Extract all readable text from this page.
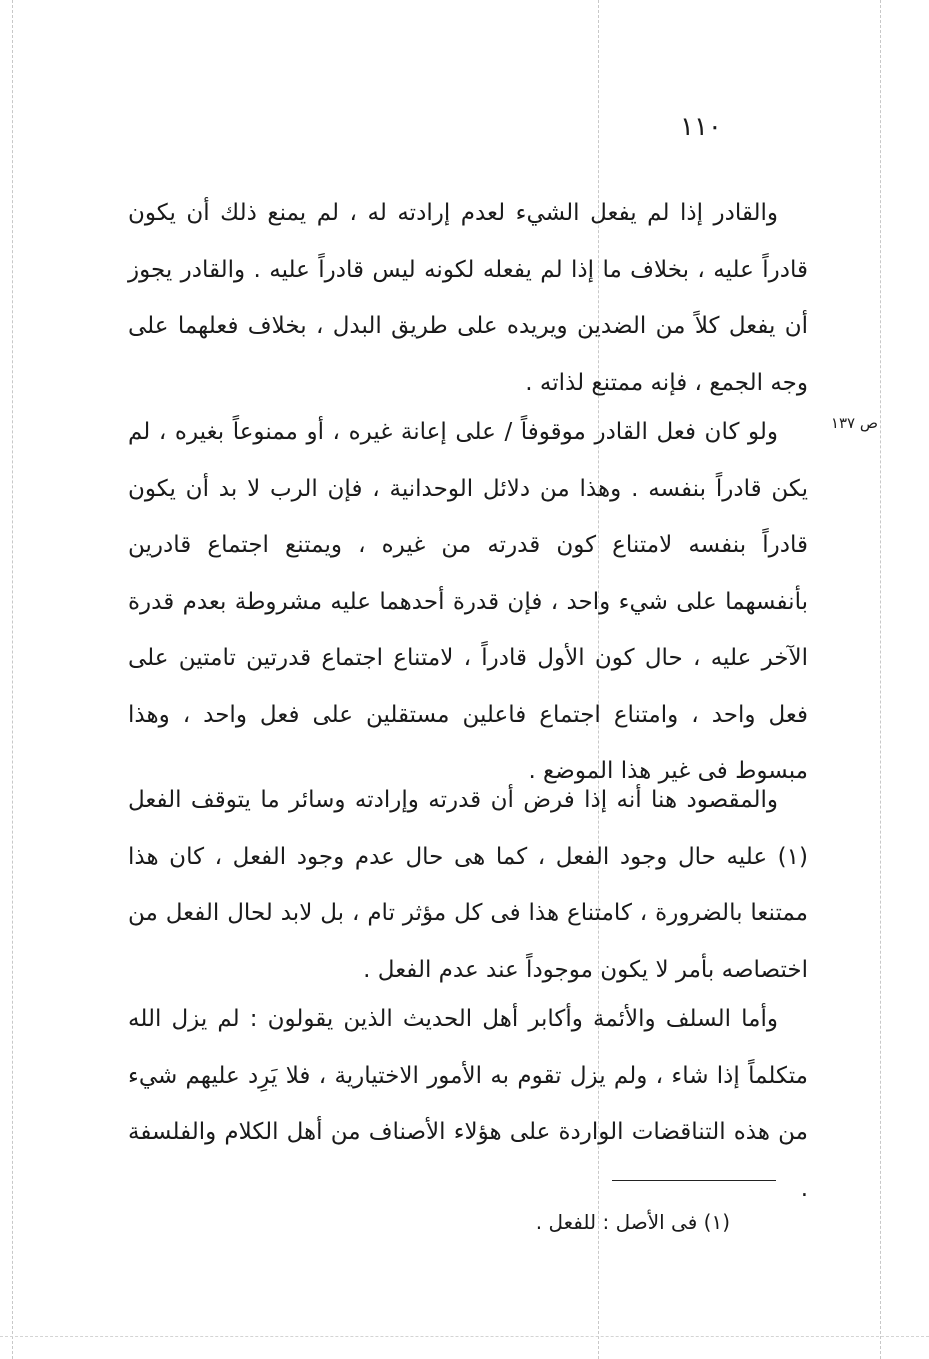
١١٠
ص ١٣٧

والقادر إذا لم يفعل الشيء لعدم إرادته له ، لم يمنع ذلك أن يكون قادراً عليه ، بخلاف ما إذا لم يفعله لكونه ليس قادراً عليه . والقادر يجوز أن يفعل كلاً من الضدين ويريده على طريق البدل ، بخلاف فعلهما على وجه الجمع ، فإنه ممتنع لذاته .

ولو كان فعل القادر موقوفاً / على إعانة غيره ، أو ممنوعاً بغيره ، لم يكن قادراً بنفسه . وهذا من دلائل الوحدانية ، فإن الرب لا بد أن يكون قادراً بنفسه لامتناع كون قدرته من غيره ، ويمتنع اجتماع قادرين بأنفسهما على شيء واحد ، فإن قدرة أحدهما عليه مشروطة بعدم قدرة الآخر عليه ، حال كون الأول قادراً ، لامتناع اجتماع قدرتين تامتين على فعل واحد ، وامتناع اجتماع فاعلين مستقلين على فعل واحد ، وهذا مبسوط فى غير هذا الموضع .

والمقصود هنا أنه إذا فرض أن قدرته وإرادته وسائر ما يتوقف الفعل (١) عليه حال وجود الفعل ، كما هى حال عدم وجود الفعل ، كان هذا ممتنعا بالضرورة ، كامتناع هذا فى كل مؤثر تام ، بل لابد لحال الفعل من اختصاصه بأمر لا يكون موجوداً عند عدم الفعل .

وأما السلف والأئمة وأكابر أهل الحديث الذين يقولون : لم يزل الله متكلماً إذا شاء ، ولم يزل تقوم به الأمور الاختيارية ، فلا يَرِد عليهم شيء من هذه التناقضات الواردة على هؤلاء الأصناف من أهل الكلام والفلسفة .

(١) فى الأصل : للفعل .
